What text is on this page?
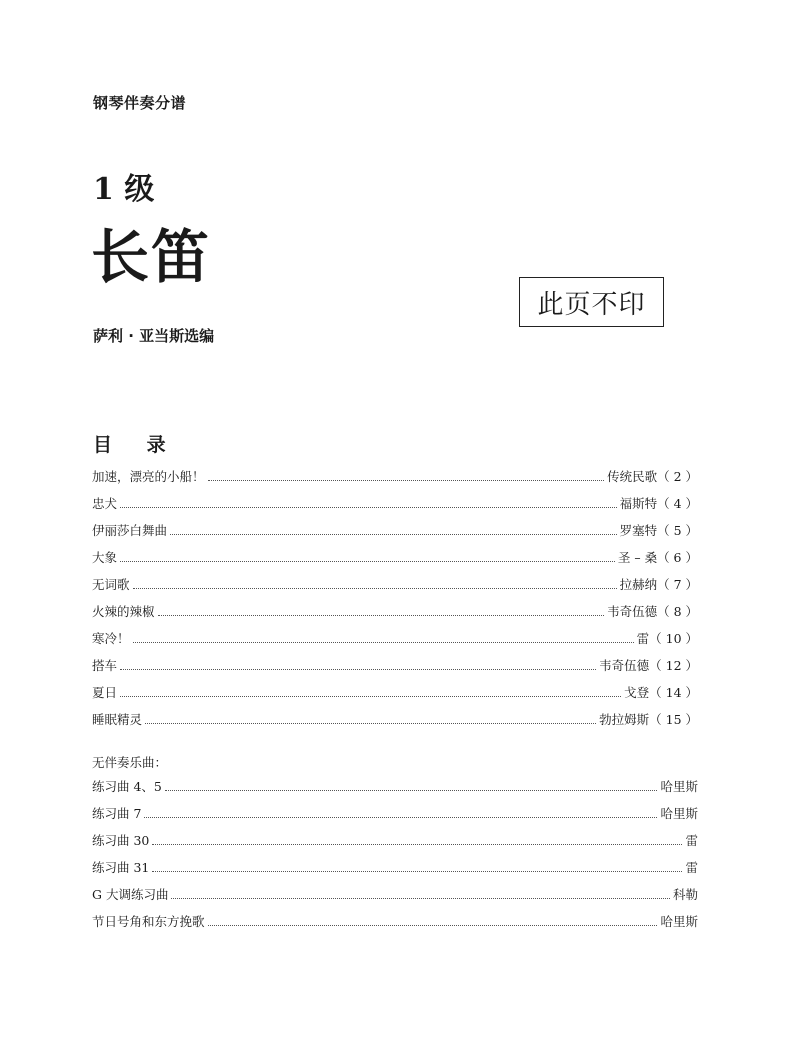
钢琴伴奏分谱
1 级
长笛
萨利 · 亚当斯选编
此页不印
目 录
加速，漂亮的小船！	传统民歌（ 2 ）
忠犬	福斯特（ 4 ）
伊丽莎白舞曲	罗塞特（ 5 ）
大象	圣 – 桑（ 6 ）
无词歌	拉赫纳（ 7 ）
火辣的辣椒	韦奇伍德（ 8 ）
寒冷！	雷（ 10 ）
搭车	韦奇伍德（ 12 ）
夏日	戈登（ 14 ）
睡眠精灵	勃拉姆斯（ 15 ）
无伴奏乐曲：
练习曲 4、5	哈里斯
练习曲 7	哈里斯
练习曲 30	雷
练习曲 31	雷
G 大调练习曲	科勒
节日号角和东方挽歌	哈里斯
